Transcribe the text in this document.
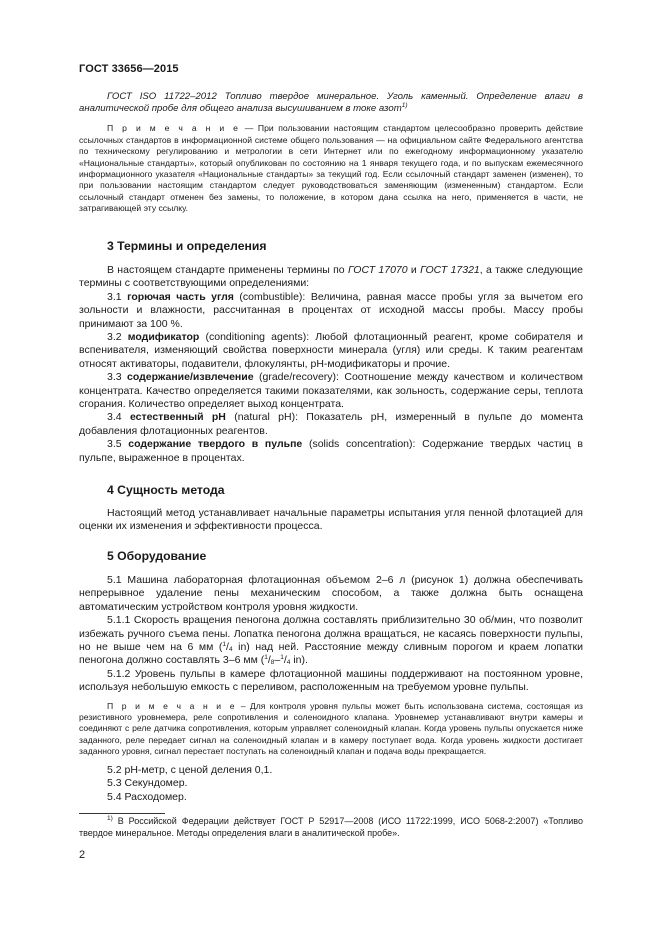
ГОСТ 33656—2015

ГОСТ ISO 11722–2012 Топливо твердое минеральное. Уголь каменный. Определение влаги в аналитической пробе для общего анализа высушиванием в токе азот$^{1)}$

П р и м е ч а н и е — При пользовании настоящим стандартом целесообразно проверить действие ссылочных стандартов в информационной системе общего пользования — на официальном сайте Федерального агентства по техническому регулированию и метрологии в сети Интернет или по ежегодному информационному указателю «Национальные стандарты», который опубликован по состоянию на 1 января текущего года, и по выпускам ежемесячного информационного указателя «Национальные стандарты» за текущий год. Если ссылочный стандарт заменен (изменен), то при пользовании настоящим стандартом следует руководствоваться заменяющим (измененным) стандартом. Если ссылочный стандарт отменен без замены, то положение, в котором дана ссылка на него, применяется в части, не затрагивающей эту ссылку.

3 Термины и определения

В настоящем стандарте применены термины по ГОСТ 17070 и ГОСТ 17321, а также следующие термины с соответствующими определениями:

3.1 горючая часть угля (combustible): Величина, равная массе пробы угля за вычетом его зольности и влажности, рассчитанная в процентах от исходной массы пробы. Массу пробы принимают за 100 %.

3.2 модификатор (conditioning agents): Любой флотационный реагент, кроме собирателя и вспенивателя, изменяющий свойства поверхности минерала (угля) или среды. К таким реагентам относят активаторы, подавители, флокулянты, рН-модификаторы и прочие.

3.3 содержание/извлечение (grade/recovery): Соотношение между качеством и количеством концентрата. Качество определяется такими показателями, как зольность, содержание серы, теплота сгорания. Количество определяет выход концентрата.

3.4 естественный рН (natural pH): Показатель рН, измеренный в пульпе до момента добавления флотационных реагентов.

3.5 содержание твердого в пульпе (solids concentration): Содержание твердых частиц в пульпе, выраженное в процентах.

4 Сущность метода

Настоящий метод устанавливает начальные параметры испытания угля пенной флотацией для оценки их изменения и эффективности процесса.

5 Оборудование

5.1 Машина лабораторная флотационная объемом 2–6 л (рисунок 1) должна обеспечивать непрерывное удаление пены механическим способом, а также должна быть оснащена автоматическим устройством контроля уровня жидкости.

5.1.1 Скорость вращения пеногона должна составлять приблизительно 30 об/мин, что позволит избежать ручного съема пены. Лопатка пеногона должна вращаться, не касаясь поверхности пульпы, но не выше чем на 6 мм ($^1/_4$ in) над ней. Расстояние между сливным порогом и краем лопатки пеногона должно составлять 3–6 мм ($^1/_8-^1/_4$ in).

5.1.2 Уровень пульпы в камере флотационной машины поддерживают на постоянном уровне, используя небольшую емкость с переливом, расположенным на требуемом уровне пульпы.

П р и м е ч а н и е – Для контроля уровня пульпы может быть использована система, состоящая из резистивного уровнемера, реле сопротивления и соленоидного клапана. Уровнемер устанавливают внутри камеры и соединяют с реле датчика сопротивления, которым управляет соленоидный клапан. Когда уровень пульпы опускается ниже заданного, реле передает сигнал на соленоидный клапан и в камеру поступает вода. Когда уровень жидкости достигает заданного уровня, сигнал перестает поступать на соленоидный клапан и подача воды прекращается.

5.2 рН-метр, с ценой деления 0,1.

5.3 Секундомер.

5.4 Расходомер.

$^{1)}$ В Российской Федерации действует ГОСТ Р 52917—2008 (ИСО 11722:1999, ИСО 5068-2:2007) «Топливо твердое минеральное. Методы определения влаги в аналитической пробе».

2
